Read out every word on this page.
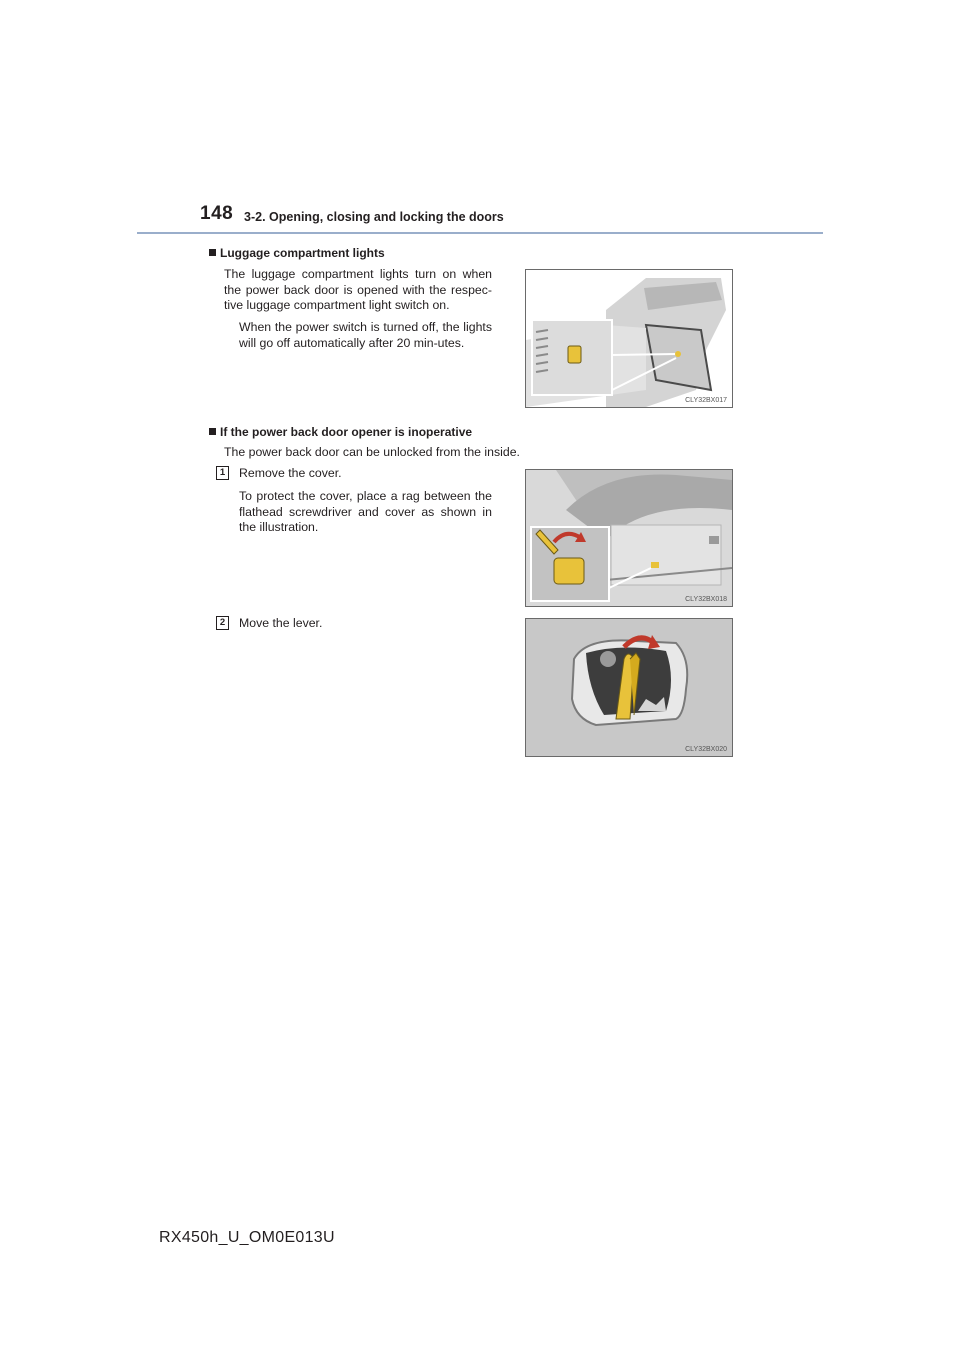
148 3-2. Opening, closing and locking the doors
Luggage compartment lights
The luggage compartment lights turn on when the power back door is opened with the respec-tive luggage compartment light switch on.
When the power switch is turned off, the lights will go off automatically after 20 min-utes.
CLY32BX017
If the power back door opener is inoperative
The power back door can be unlocked from the inside.
1	Remove the cover.
To protect the cover, place a rag between the flathead screwdriver and cover as shown in the illustration.
CLY32BX018
2	Move the lever.
CLY32BX020
RX450h_U_OM0E013U
